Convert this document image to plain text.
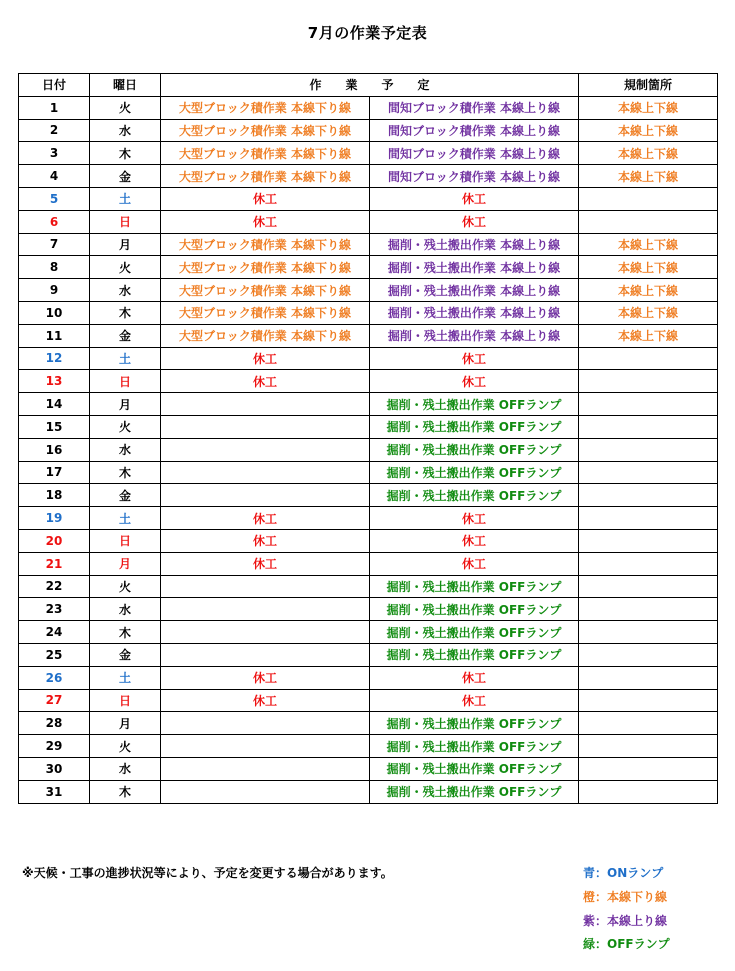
7月の作業予定表
日付	曜日	作　　業　　予　　定		規制箇所
1	火	大型ブロック積作業 本線下り線	間知ブロック積作業 本線上り線	本線上下線
2	水	大型ブロック積作業 本線下り線	間知ブロック積作業 本線上り線	本線上下線
3	木	大型ブロック積作業 本線下り線	間知ブロック積作業 本線上り線	本線上下線
4	金	大型ブロック積作業 本線下り線	間知ブロック積作業 本線上り線	本線上下線
5	土	休工	休工	
6	日	休工	休工	
7	月	大型ブロック積作業 本線下り線	掘削・残土搬出作業 本線上り線	本線上下線
8	火	大型ブロック積作業 本線下り線	掘削・残土搬出作業 本線上り線	本線上下線
9	水	大型ブロック積作業 本線下り線	掘削・残土搬出作業 本線上り線	本線上下線
10	木	大型ブロック積作業 本線下り線	掘削・残土搬出作業 本線上り線	本線上下線
11	金	大型ブロック積作業 本線下り線	掘削・残土搬出作業 本線上り線	本線上下線
12	土	休工	休工	
13	日	休工	休工	
14	月		掘削・残土搬出作業 OFFランプ	
15	火		掘削・残土搬出作業 OFFランプ	
16	水		掘削・残土搬出作業 OFFランプ	
17	木		掘削・残土搬出作業 OFFランプ	
18	金		掘削・残土搬出作業 OFFランプ	
19	土	休工	休工	
20	日	休工	休工	
21	月	休工	休工	
22	火		掘削・残土搬出作業 OFFランプ	
23	水		掘削・残土搬出作業 OFFランプ	
24	木		掘削・残土搬出作業 OFFランプ	
25	金		掘削・残土搬出作業 OFFランプ	
26	土	休工	休工	
27	日	休工	休工	
28	月		掘削・残土搬出作業 OFFランプ	
29	火		掘削・残土搬出作業 OFFランプ	
30	水		掘削・残土搬出作業 OFFランプ	
31	木		掘削・残土搬出作業 OFFランプ	
※天候・工事の進捗状況等により、予定を変更する場合があります。	青：ONランプ
橙：本線下り線
紫：本線上り線
緑：OFFランプ
